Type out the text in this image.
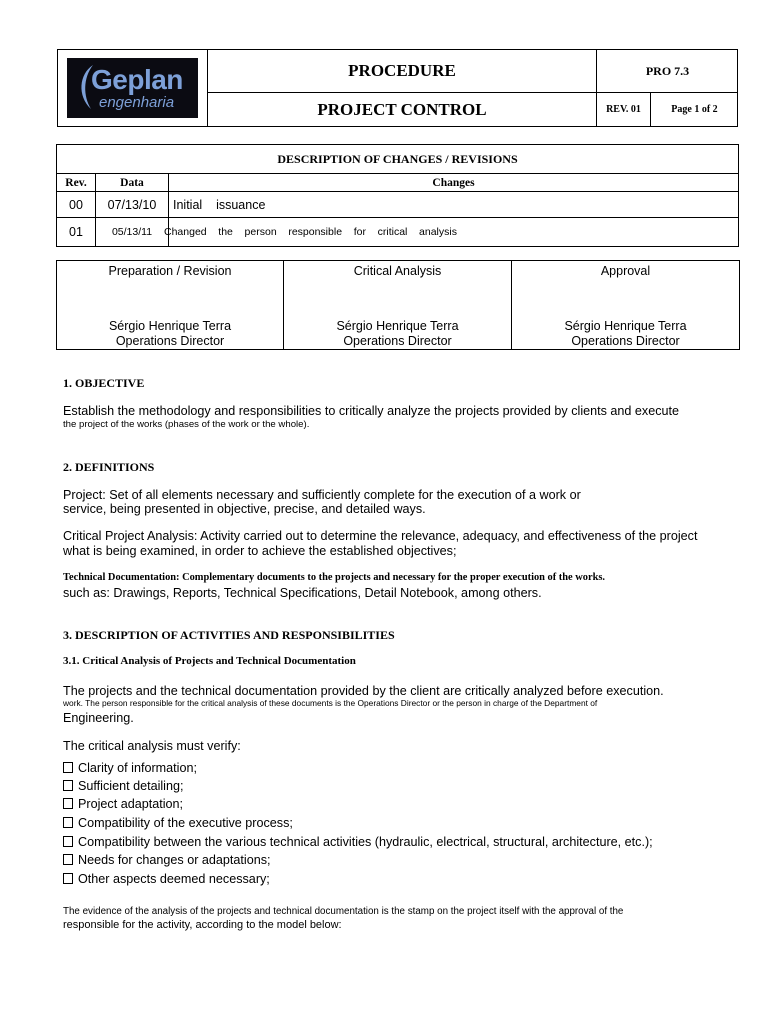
Geplan
engenharia
PROCEDURE
PROJECT CONTROL
PRO 7.3
REV. 01	Page 1 of 2
DESCRIPTION OF CHANGES / REVISIONS
Rev.	Data	Changes
00	07/13/10	Initial    issuance
01	05/13/11	Changed    the    person    responsible    for    critical    analysis
Preparation / Revision
Sérgio Henrique Terra
Operations Director
Critical Analysis
Sérgio Henrique Terra
Operations Director
Approval
Sérgio Henrique Terra
Operations Director
1. OBJECTIVE
Establish the methodology and responsibilities to critically analyze the projects provided by clients and execute
the project of the works (phases of the work or the whole).
2. DEFINITIONS
Project: Set of all elements necessary and sufficiently complete for the execution of a work or
service, being presented in objective, precise, and detailed ways.
Critical Project Analysis: Activity carried out to determine the relevance, adequacy, and effectiveness of the project
what is being examined, in order to achieve the established objectives;
Technical Documentation: Complementary documents to the projects and necessary for the proper execution of the works.
such as: Drawings, Reports, Technical Specifications, Detail Notebook, among others.
3. DESCRIPTION OF ACTIVITIES AND RESPONSIBILITIES
3.1. Critical Analysis of Projects and Technical Documentation
The projects and the technical documentation provided by the client are critically analyzed before execution.
work. The person responsible for the critical analysis of these documents is the Operations Director or the person in charge of the Department of
Engineering.
The critical analysis must verify:
Clarity of information;
Sufficient detailing;
Project adaptation;
Compatibility of the executive process;
Compatibility between the various technical activities (hydraulic, electrical, structural, architecture, etc.);
Needs for changes or adaptations;
Other aspects deemed necessary;
The evidence of the analysis of the projects and technical documentation is the stamp on the project itself with the approval of the
responsible for the activity, according to the model below:
